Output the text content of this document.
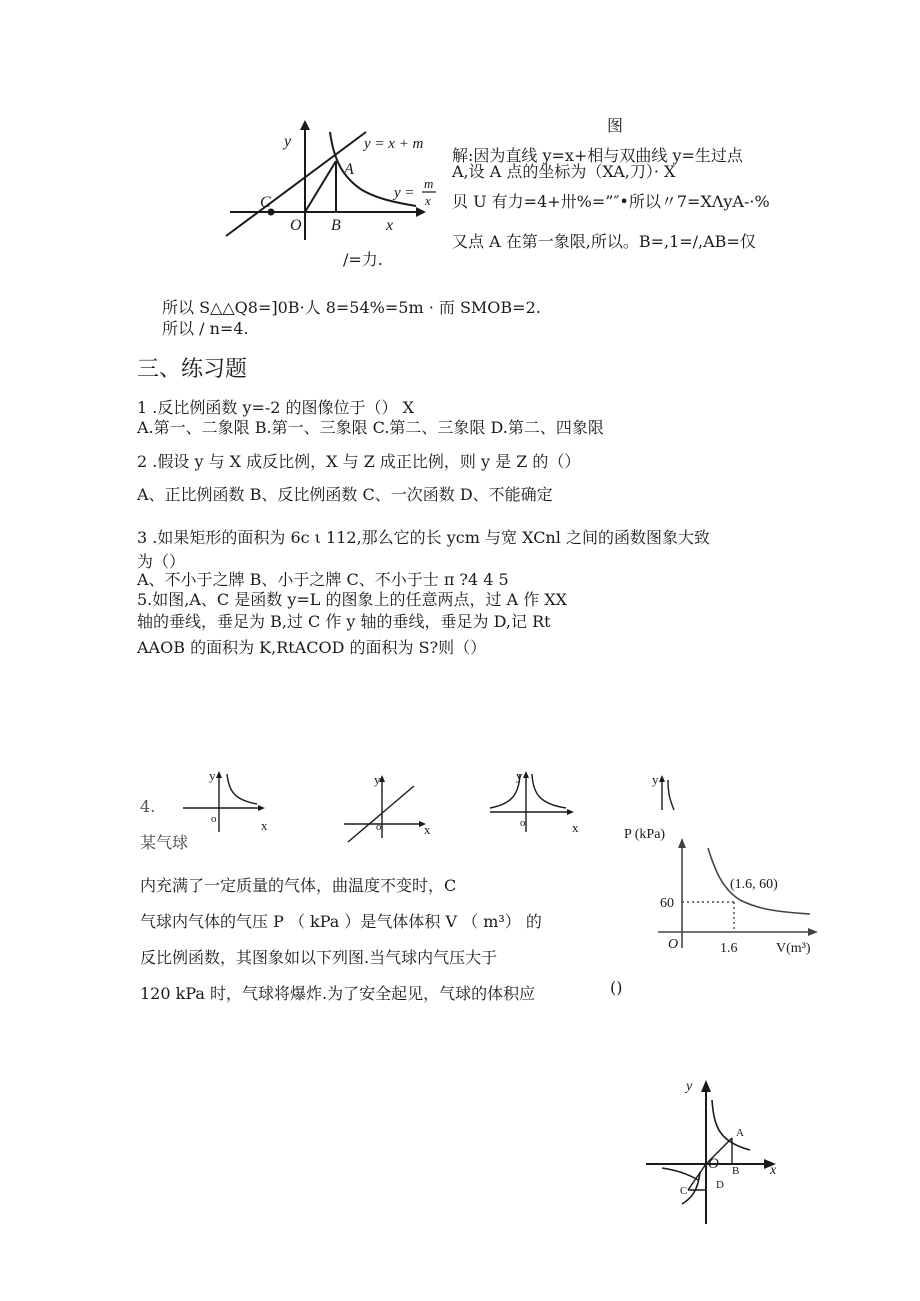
y	y = x + m
A
y =
m
x
C
O B	x
图
解:因为直线 y=x+相与双曲线 y=生过点
A,设 A 点的坐标为（XA,刀）· X
贝 U 有力=4+卅%=”″•所以〃7=XΛyA-·%
又点 A 在第一象限,所以。B=,1=/,AB=仅
/=力.
所以 S△△Q8=]0B·人 8=54%=5m · 而 SMOB=2.
所以 / n=4.
三、练习题
1 .反比例函数 y=-2 的图像位于（） X
A.第一、二象限 B.第一、三象限 C.第二、三象限 D.第二、四象限
2 .假设 y 与 X 成反比例，X 与 Z 成正比例，则 y 是 Z 的（）
A、正比例函数 B、反比例函数 C、一次函数 D、不能确定
3 .如果矩形的面积为 6c ι 112,那么它的长 ycm 与宽 XCnl 之间的函数图象大致
为（）
A、不小于之牌 B、小于之牌 C、不小于士 π ?4 4 5
5.如图,A、C 是函数 y=L 的图象上的任意两点，过 A 作 XX
轴的垂线，垂足为 B,过 C 作 y 轴的垂线，垂足为 D,记 Rt
AAOB 的面积为 K,RtACOD 的面积为 S?则（）
4.
y
o	x
y
o	x
y
o	x
y
某气球	P (kPa)
(1.6, 60)
60
O	1.6	V(m³)
内充满了一定质量的气体，曲温度不变时，C
气球内气体的气压 P （ kPa ）是气体体积 V （ m³） 的
反比例函数，其图象如以下列图.当气球内气压大于
120 kPa 时，气球将爆炸.为了安全起见，气球的体积应	()
y
A
O B x
C	D
